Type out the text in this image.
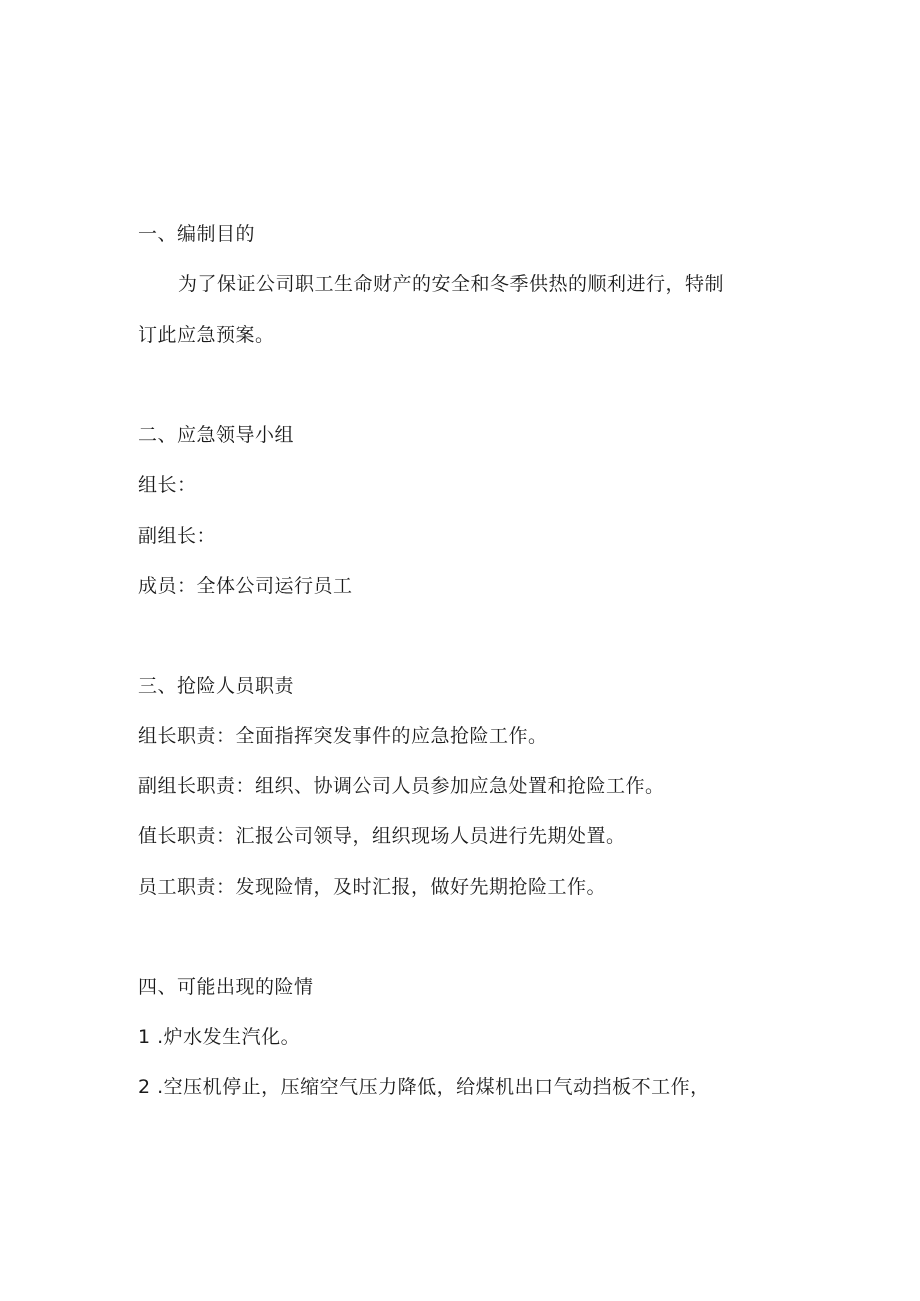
一、编制目的
为了保证公司职工生命财产的安全和冬季供热的顺利进行，特制
订此应急预案。
二、应急领导小组
组长：
副组长：
成员：全体公司运行员工
三、抢险人员职责
组长职责：全面指挥突发事件的应急抢险工作。
副组长职责：组织、协调公司人员参加应急处置和抢险工作。
值长职责：汇报公司领导，组织现场人员进行先期处置。
员工职责：发现险情，及时汇报，做好先期抢险工作。
四、可能出现的险情
1 .炉水发生汽化。
2 .空压机停止，压缩空气压力降低，给煤机出口气动挡板不工作，
